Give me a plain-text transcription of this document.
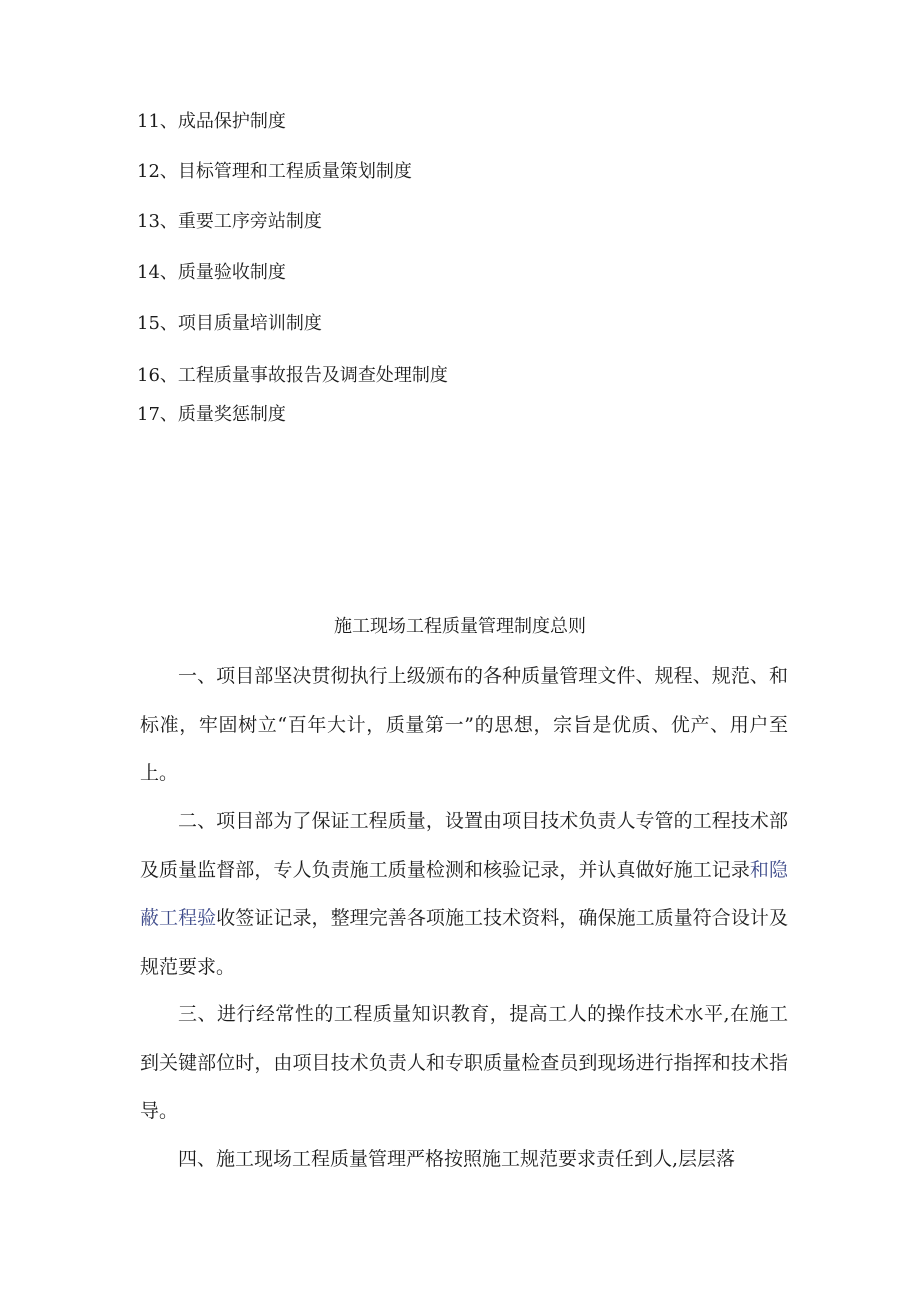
11、成品保护制度
12、目标管理和工程质量策划制度
13、重要工序旁站制度
14、质量验收制度
15、项目质量培训制度
16、工程质量事故报告及调查处理制度
17、质量奖惩制度
施工现场工程质量管理制度总则
一、项目部坚决贯彻执行上级颁布的各种质量管理文件、规程、规范、和标准，牢固树立“百年大计，质量第一”的思想，宗旨是优质、优产、用户至上。
二、项目部为了保证工程质量，设置由项目技术负责人专管的工程技术部及质量监督部，专人负责施工质量检测和核验记录，并认真做好施工记录和隐蔽工程验收签证记录，整理完善各项施工技术资料，确保施工质量符合设计及规范要求。
三、进行经常性的工程质量知识教育，提高工人的操作技术水平,在施工到关键部位时，由项目技术负责人和专职质量检查员到现场进行指挥和技术指导。
四、施工现场工程质量管理严格按照施工规范要求责任到人,层层落
